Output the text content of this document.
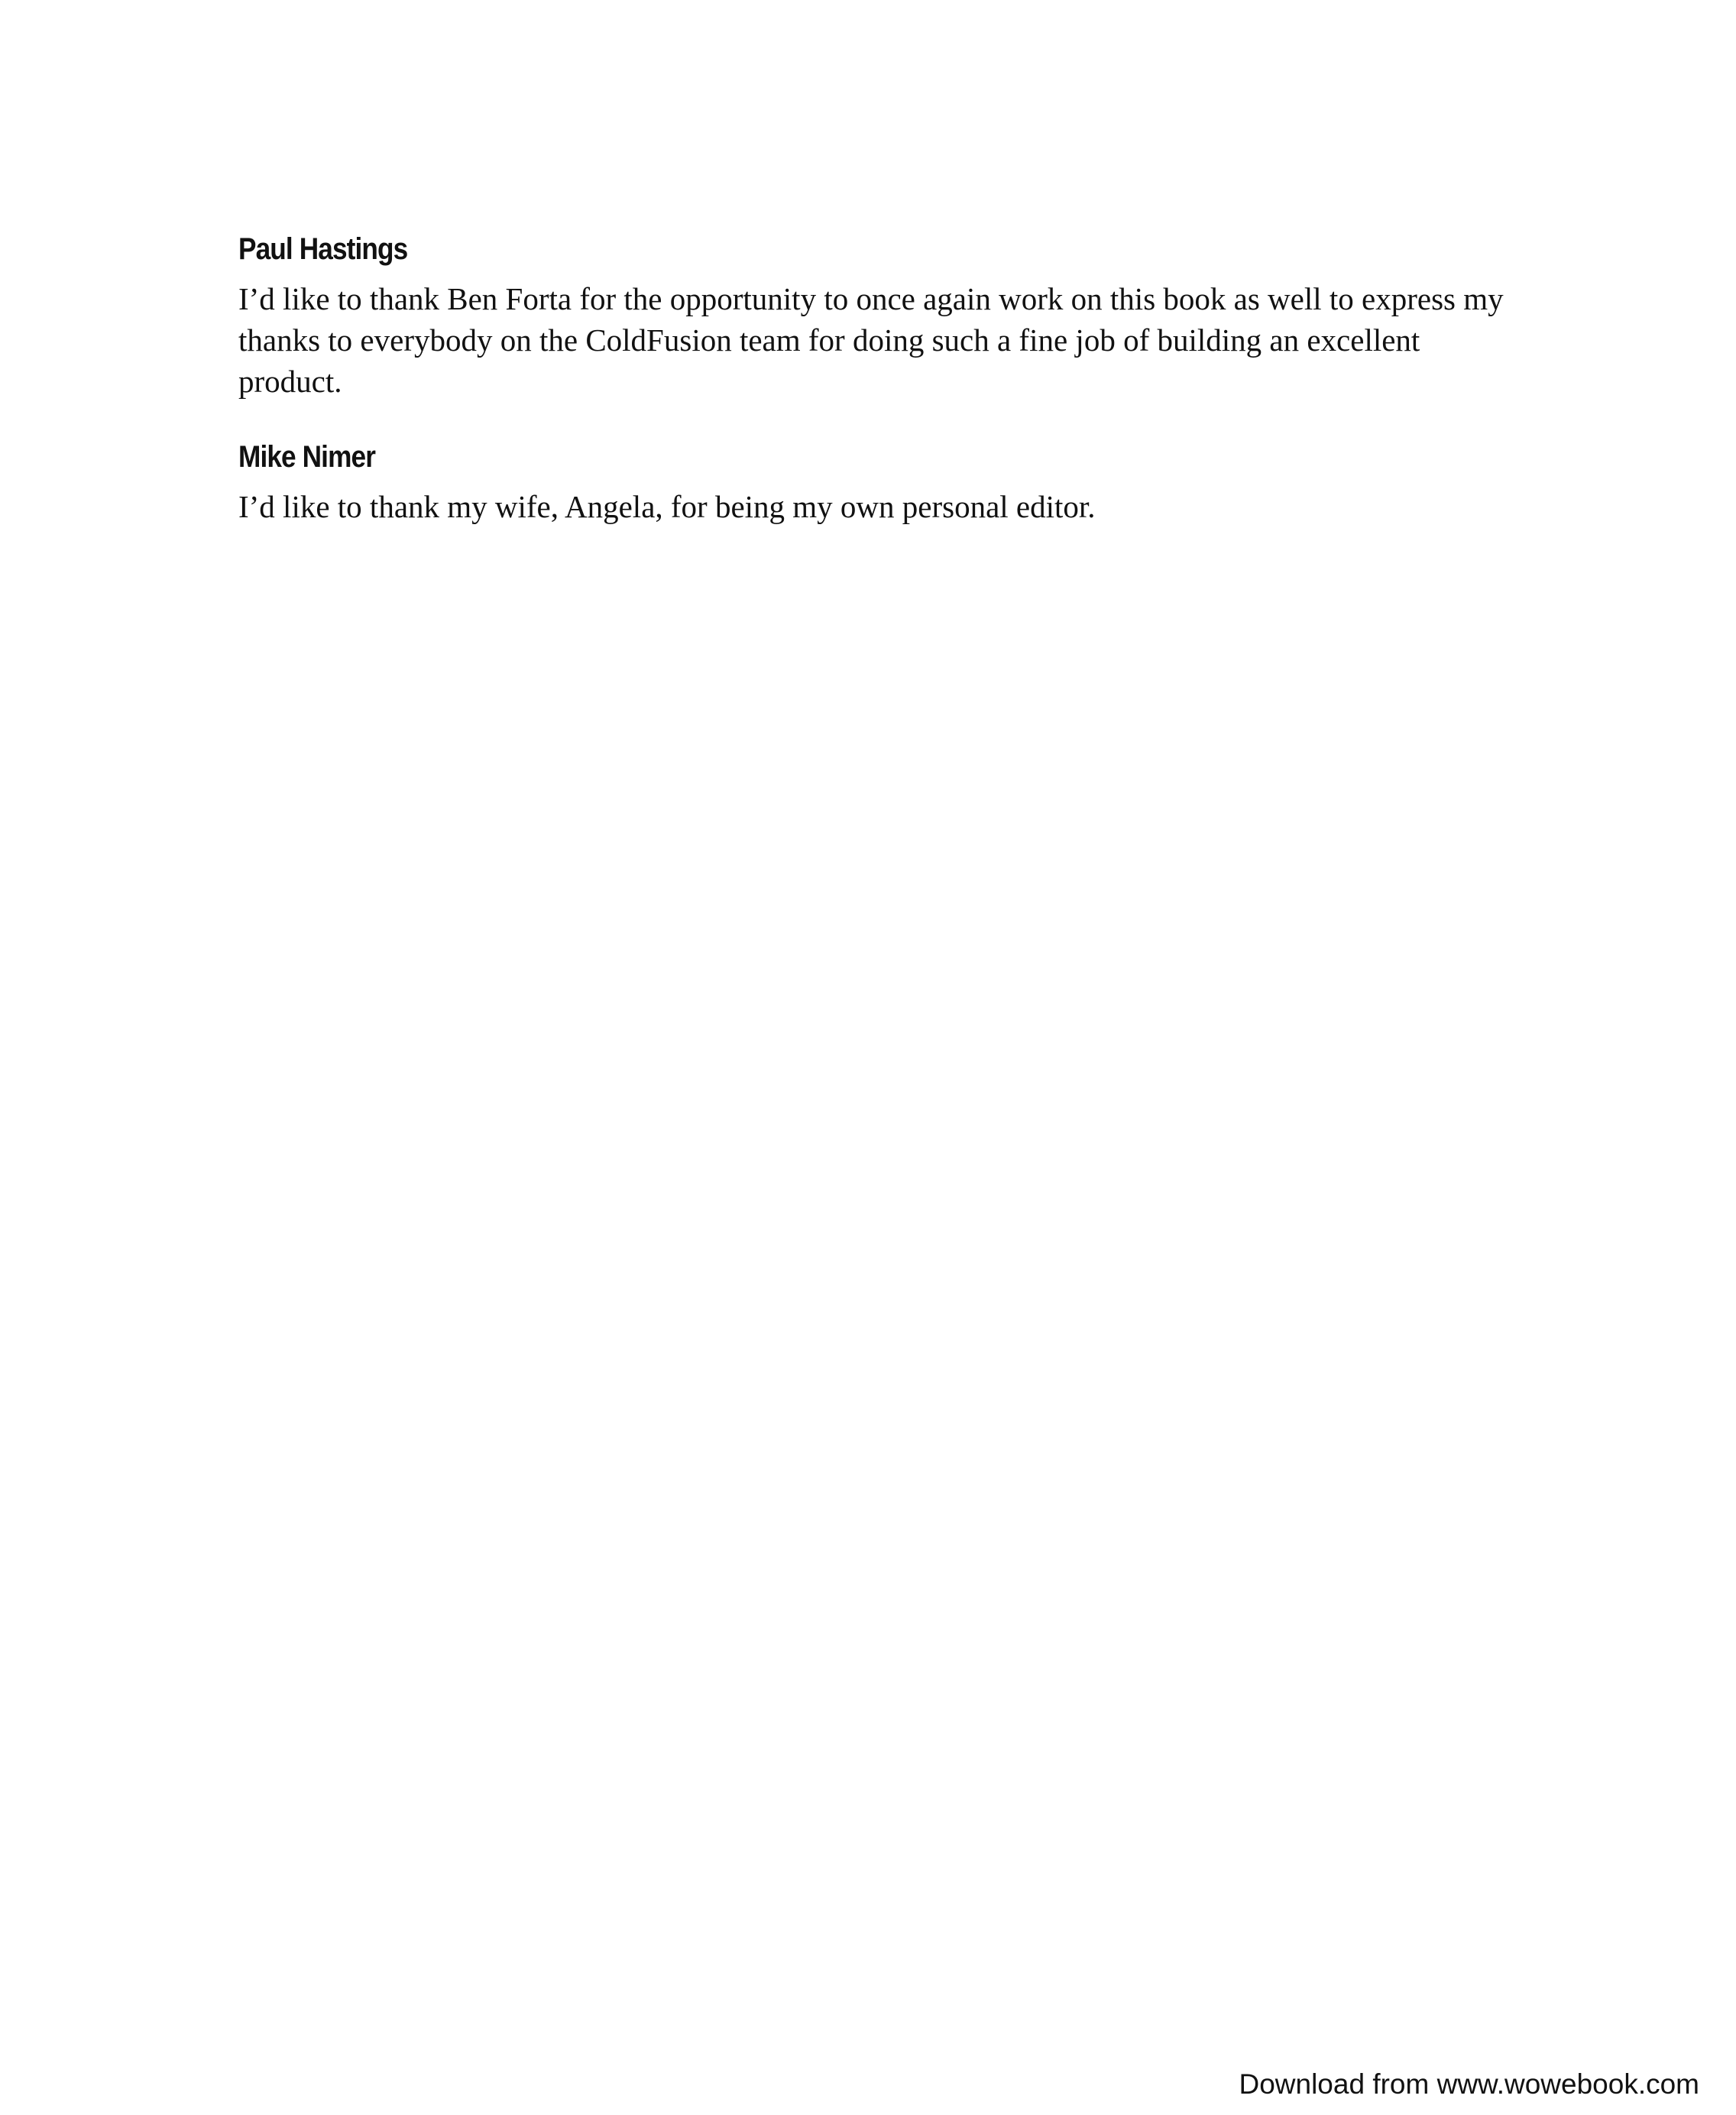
Paul Hastings

I’d like to thank Ben Forta for the opportunity to once again work on this book as well to express my thanks to everybody on the ColdFusion team for doing such a fine job of building an excellent product.

Mike Nimer

I’d like to thank my wife, Angela, for being my own personal editor.

Download from www.wowebook.com
